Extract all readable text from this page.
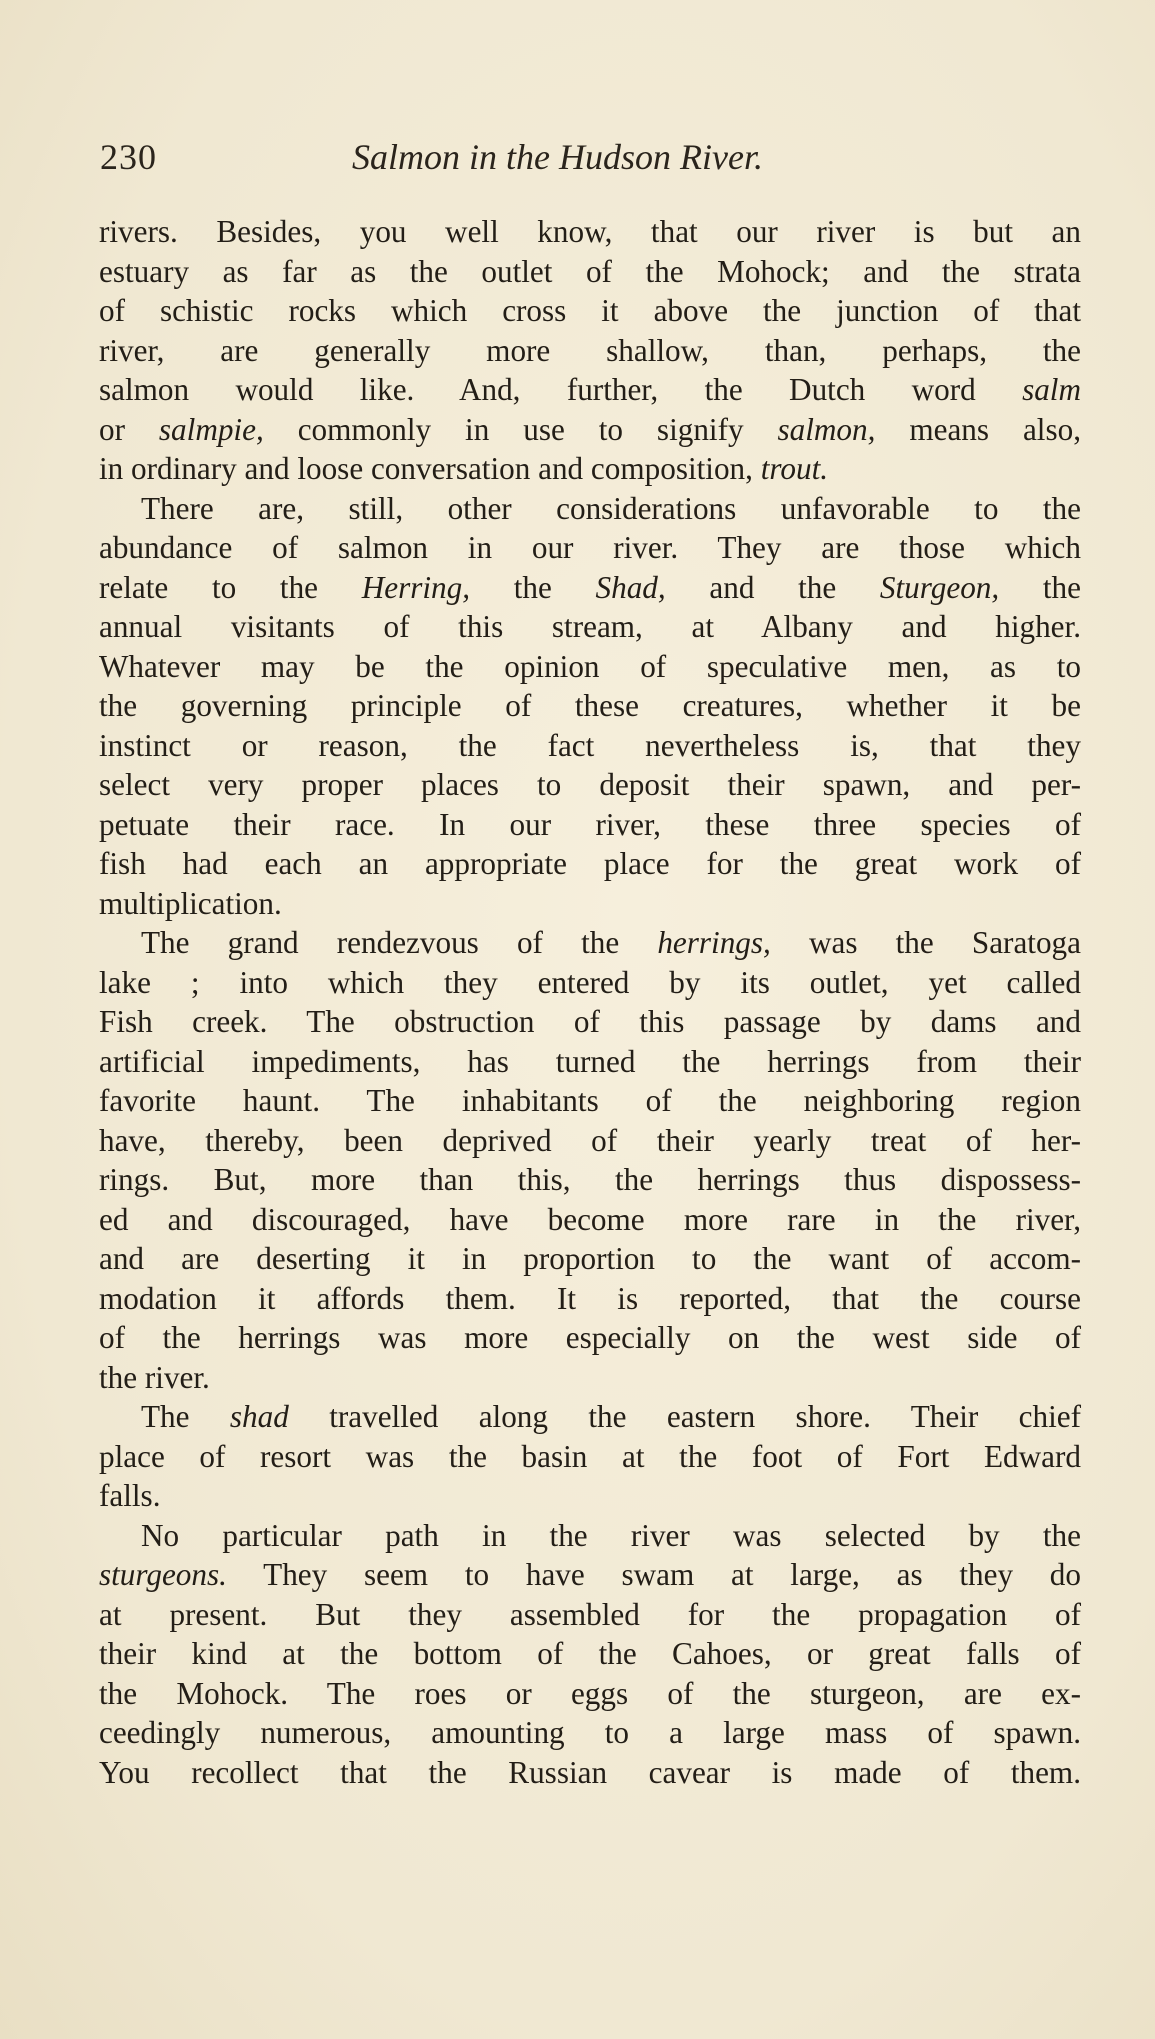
230	Salmon in the Hudson River.
rivers. Besides, you well know, that our river is but an
estuary as far as the outlet of the Mohock; and the strata
of schistic rocks which cross it above the junction of that
river, are generally more shallow, than, perhaps, the
salmon would like. And, further, the Dutch word salm
or salmpie, commonly in use to signify salmon, means also,
in ordinary and loose conversation and composition, trout.
There are, still, other considerations unfavorable to the
abundance of salmon in our river. They are those which
relate to the Herring, the Shad, and the Sturgeon, the
annual visitants of this stream, at Albany and higher.
Whatever may be the opinion of speculative men, as to
the governing principle of these creatures, whether it be
instinct or reason, the fact nevertheless is, that they
select very proper places to deposit their spawn, and per-
petuate their race. In our river, these three species of
fish had each an appropriate place for the great work of
multiplication.
The grand rendezvous of the herrings, was the Saratoga
lake ; into which they entered by its outlet, yet called
Fish creek. The obstruction of this passage by dams and
artificial impediments, has turned the herrings from their
favorite haunt. The inhabitants of the neighboring region
have, thereby, been deprived of their yearly treat of her-
rings. But, more than this, the herrings thus dispossess-
ed and discouraged, have become more rare in the river,
and are deserting it in proportion to the want of accom-
modation it affords them. It is reported, that the course
of the herrings was more especially on the west side of
the river.
The shad travelled along the eastern shore. Their chief
place of resort was the basin at the foot of Fort Edward
falls.
No particular path in the river was selected by the
sturgeons. They seem to have swam at large, as they do
at present. But they assembled for the propagation of
their kind at the bottom of the Cahoes, or great falls of
the Mohock. The roes or eggs of the sturgeon, are ex-
ceedingly numerous, amounting to a large mass of spawn.
You recollect that the Russian cavear is made of them.
